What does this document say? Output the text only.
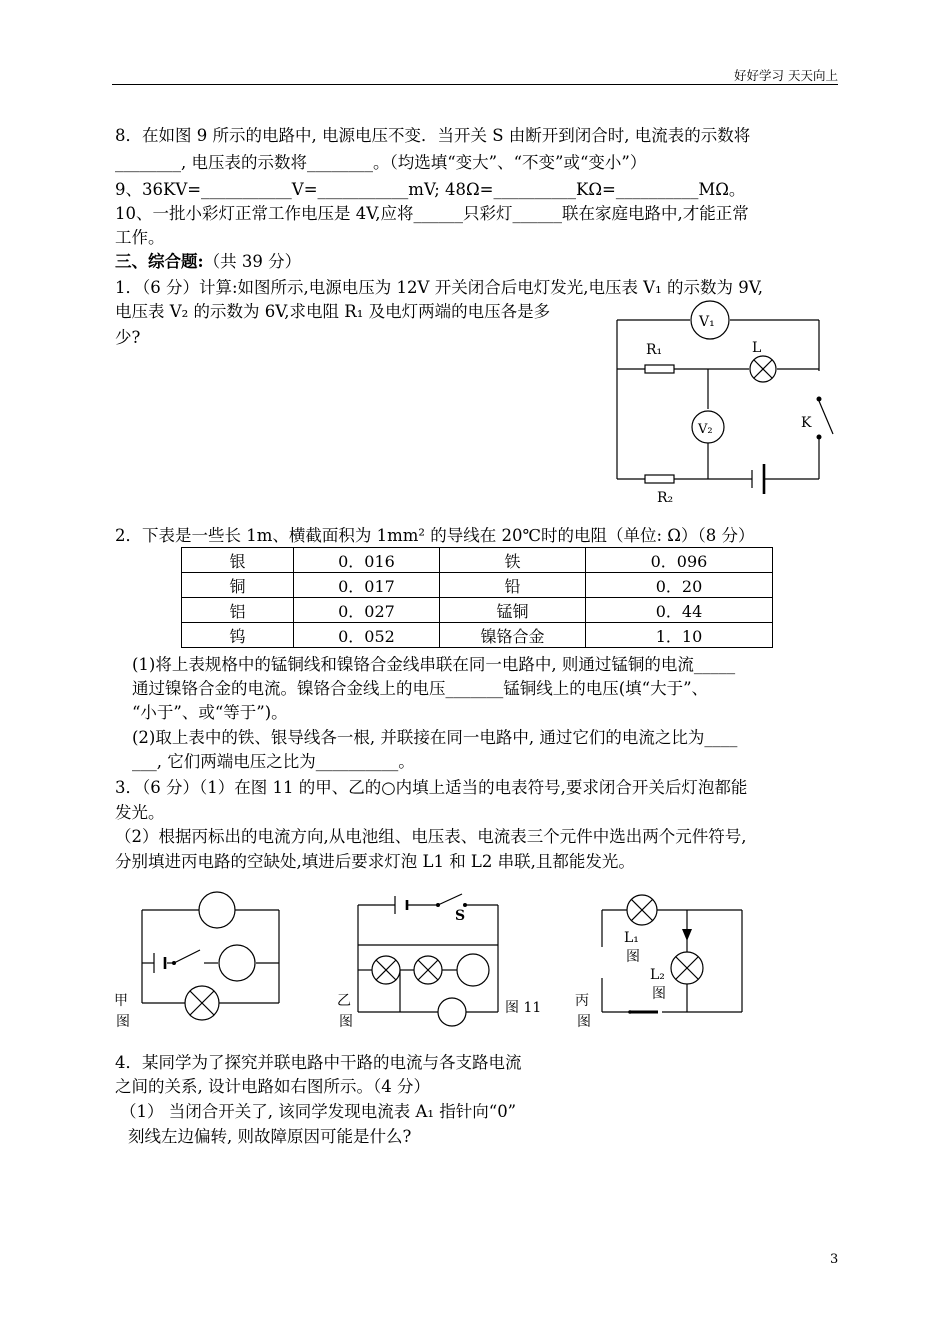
好好学习 天天向上
8．在如图 9 所示的电路中, 电源电压不变．当开关 S 由断开到闭合时, 电流表的示数将
________, 电压表的示数将________。（均选填“变大”、“不变”或“变小”）
9、36KV=___________V=___________mV; 48Ω=__________KΩ=__________MΩ。
10、一批小彩灯正常工作电压是 4V,应将______只彩灯______联在家庭电路中,才能正常
工作。
三、综合题:（共 39 分）
1．（6 分）计算:如图所示,电源电压为 12V 开关闭合后电灯发光,电压表 V₁ 的示数为 9V,
电压表 V₂ 的示数为 6V,求电阻 R₁ 及电灯两端的电压各是多
少?
V₁
V₂
R₁
R₂
L
K
2．下表是一些长 1m、横截面积为 1mm² 的导线在 20℃时的电阻（单位: Ω）（8 分）
银	0．016	铁	0．096
铜	0．017	铅	0．20
铝	0．027	锰铜	0．44
钨	0．052	镍铬合金	1．10
(1)将上表规格中的锰铜线和镍铬合金线串联在同一电路中, 则通过锰铜的电流_____
通过镍铬合金的电流。镍铬合金线上的电压_______锰铜线上的电压(填“大于”、
“小于”、或“等于”)。
(2)取上表中的铁、银导线各一根, 并联接在同一电路中, 通过它们的电流之比为____
___, 它们两端电压之比为__________。
3．（6 分）（1）在图 11 的甲、乙的○内填上适当的电表符号,要求闭合开关后灯泡都能
发光。
（2）根据丙标出的电流方向,从电池组、电压表、电流表三个元件中选出两个元件符号,
分别填进丙电路的空缺处,填进后要求灯泡 L1 和 L2 串联,且都能发光。
甲
图
S
乙
图
图 11
L₁
图
L₂
图
丙
图
4．某同学为了探究并联电路中干路的电流与各支路电流
之间的关系, 设计电路如右图所示。（4 分）
（1） 当闭合开关了, 该同学发现电流表 A₁ 指针向“0”
刻线左边偏转, 则故障原因可能是什么?
3
